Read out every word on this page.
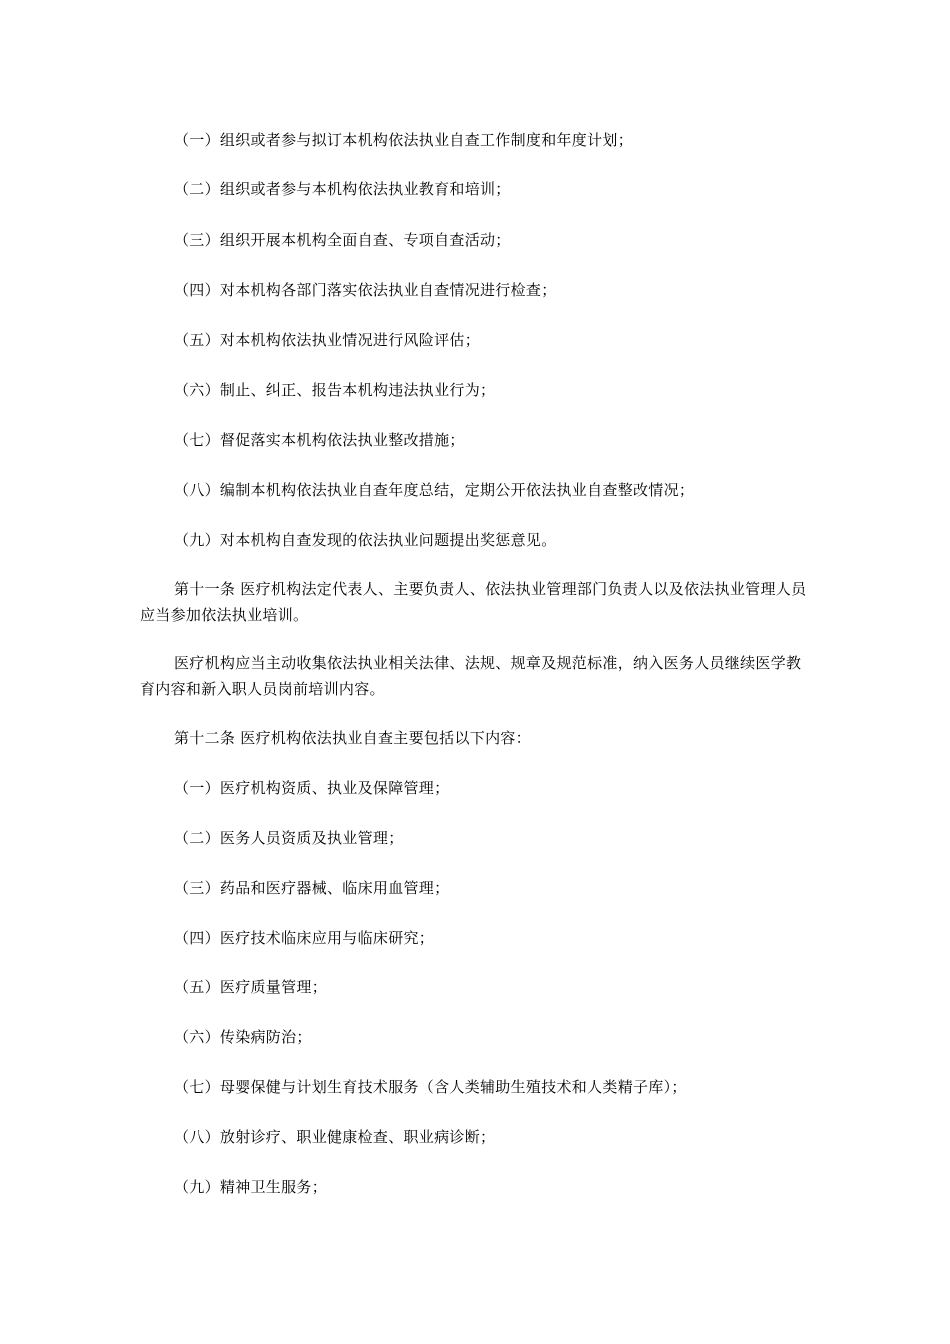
（一）组织或者参与拟订本机构依法执业自查工作制度和年度计划；

（二）组织或者参与本机构依法执业教育和培训；

（三）组织开展本机构全面自查、专项自查活动；

（四）对本机构各部门落实依法执业自查情况进行检查；

（五）对本机构依法执业情况进行风险评估；

（六）制止、纠正、报告本机构违法执业行为；

（七）督促落实本机构依法执业整改措施；

（八）编制本机构依法执业自查年度总结，定期公开依法执业自查整改情况；

（九）对本机构自查发现的依法执业问题提出奖惩意见。

第十一条 医疗机构法定代表人、主要负责人、依法执业管理部门负责人以及依法执业管理人员应当参加依法执业培训。

医疗机构应当主动收集依法执业相关法律、法规、规章及规范标准，纳入医务人员继续医学教育内容和新入职人员岗前培训内容。

第十二条 医疗机构依法执业自查主要包括以下内容：

（一）医疗机构资质、执业及保障管理；

（二）医务人员资质及执业管理；

（三）药品和医疗器械、临床用血管理；

（四）医疗技术临床应用与临床研究；

（五）医疗质量管理；

（六）传染病防治；

（七）母婴保健与计划生育技术服务（含人类辅助生殖技术和人类精子库）；

（八）放射诊疗、职业健康检查、职业病诊断；

（九）精神卫生服务；
